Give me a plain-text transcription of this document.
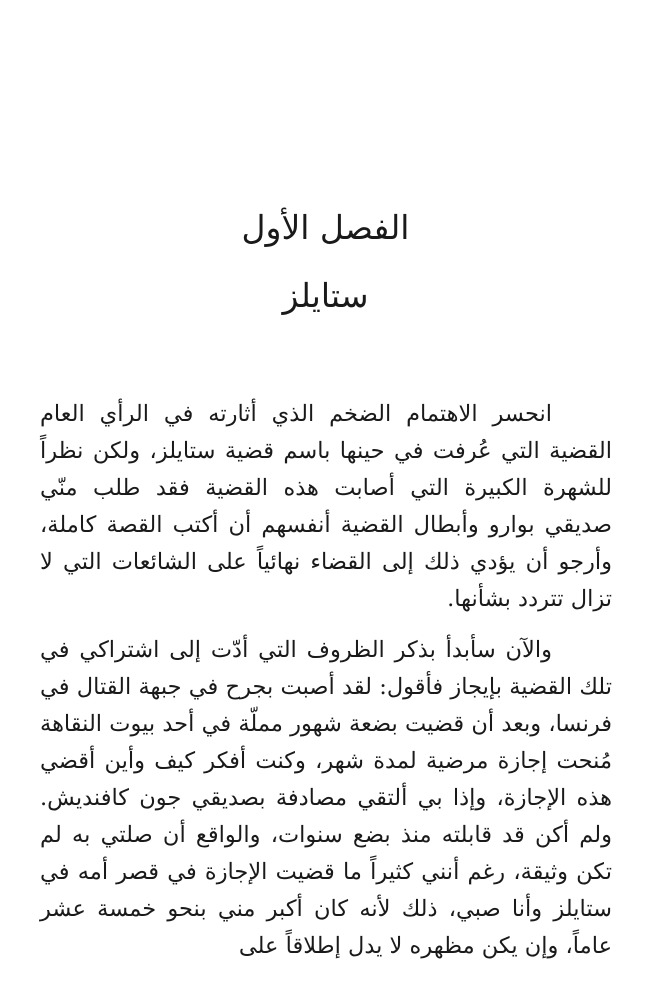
الفصل الأول
ستايلز

انحسر الاهتمام الضخم الذي أثارته في الرأي العام القضية التي عُرفت في حينها باسم قضية ستايلز، ولكن نظراً للشهرة الكبيرة التي أصابت هذه القضية فقد طلب منّي صديقي بوارو وأبطال القضية أنفسهم أن أكتب القصة كاملة، وأرجو أن يؤدي ذلك إلى القضاء نهائياً على الشائعات التي لا تزال تتردد بشأنها.

والآن سأبدأ بذكر الظروف التي أدّت إلى اشتراكي في تلك القضية بإيجاز فأقول: لقد أصبت بجرح في جبهة القتال في فرنسا، وبعد أن قضيت بضعة شهور مملّة في أحد بيوت النقاهة مُنحت إجازة مرضية لمدة شهر، وكنت أفكر كيف وأين أقضي هذه الإجازة، وإذا بي ألتقي مصادفة بصديقي جون كافنديش. ولم أكن قد قابلته منذ بضع سنوات، والواقع أن صلتي به لم تكن وثيقة، رغم أنني كثيراً ما قضيت الإجازة في قصر أمه في ستايلز وأنا صبي، ذلك لأنه كان أكبر مني بنحو خمسة عشر عاماً، وإن يكن مظهره لا يدل إطلاقاً على
